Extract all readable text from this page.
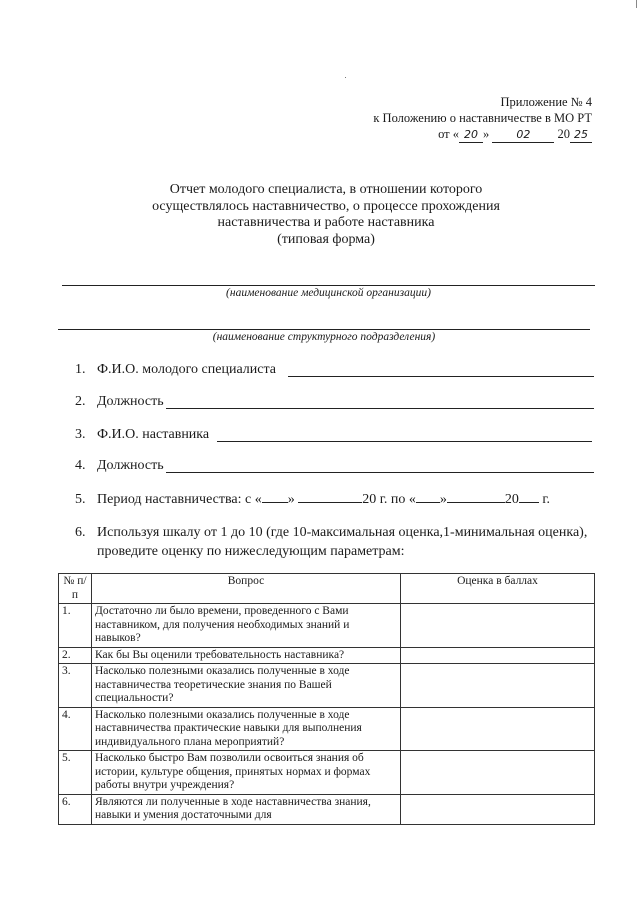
Приложение № 4
к Положению о наставничестве в МО РТ
от « 20 » 02 20 25
Отчет молодого специалиста, в отношении которого
осуществлялось наставничество, о процессе прохождения
наставничества и работе наставника
(типовая форма)
(наименование медицинской организации)
(наименование структурного подразделения)
1. Ф.И.О. молодого специалиста
2. Должность
3. Ф.И.О. наставника
4. Должность
5. Период наставничества: с « »	20 г. по « »	20 г.
6. Используя шкалу от 1 до 10 (где 10-максимальная оценка,1-минимальная оценка), проведите оценку по нижеследующим параметрам:
№ п/п	Вопрос	Оценка в баллах
1.	Достаточно ли было времени, проведенного с Вами наставником, для получения необходимых знаний и навыков?	
2.	Как бы Вы оценили требовательность наставника?	
3.	Насколько полезными оказались полученные в ходе наставничества теоретические знания по Вашей специальности?	
4.	Насколько полезными оказались полученные в ходе наставничества практические навыки для выполнения индивидуального плана мероприятий?	
5.	Насколько быстро Вам позволили освоиться знания об истории, культуре общения, принятых нормах и формах работы внутри учреждения?	
6.	Являются ли полученные в ходе наставничества знания, навыки и умения достаточными для	
